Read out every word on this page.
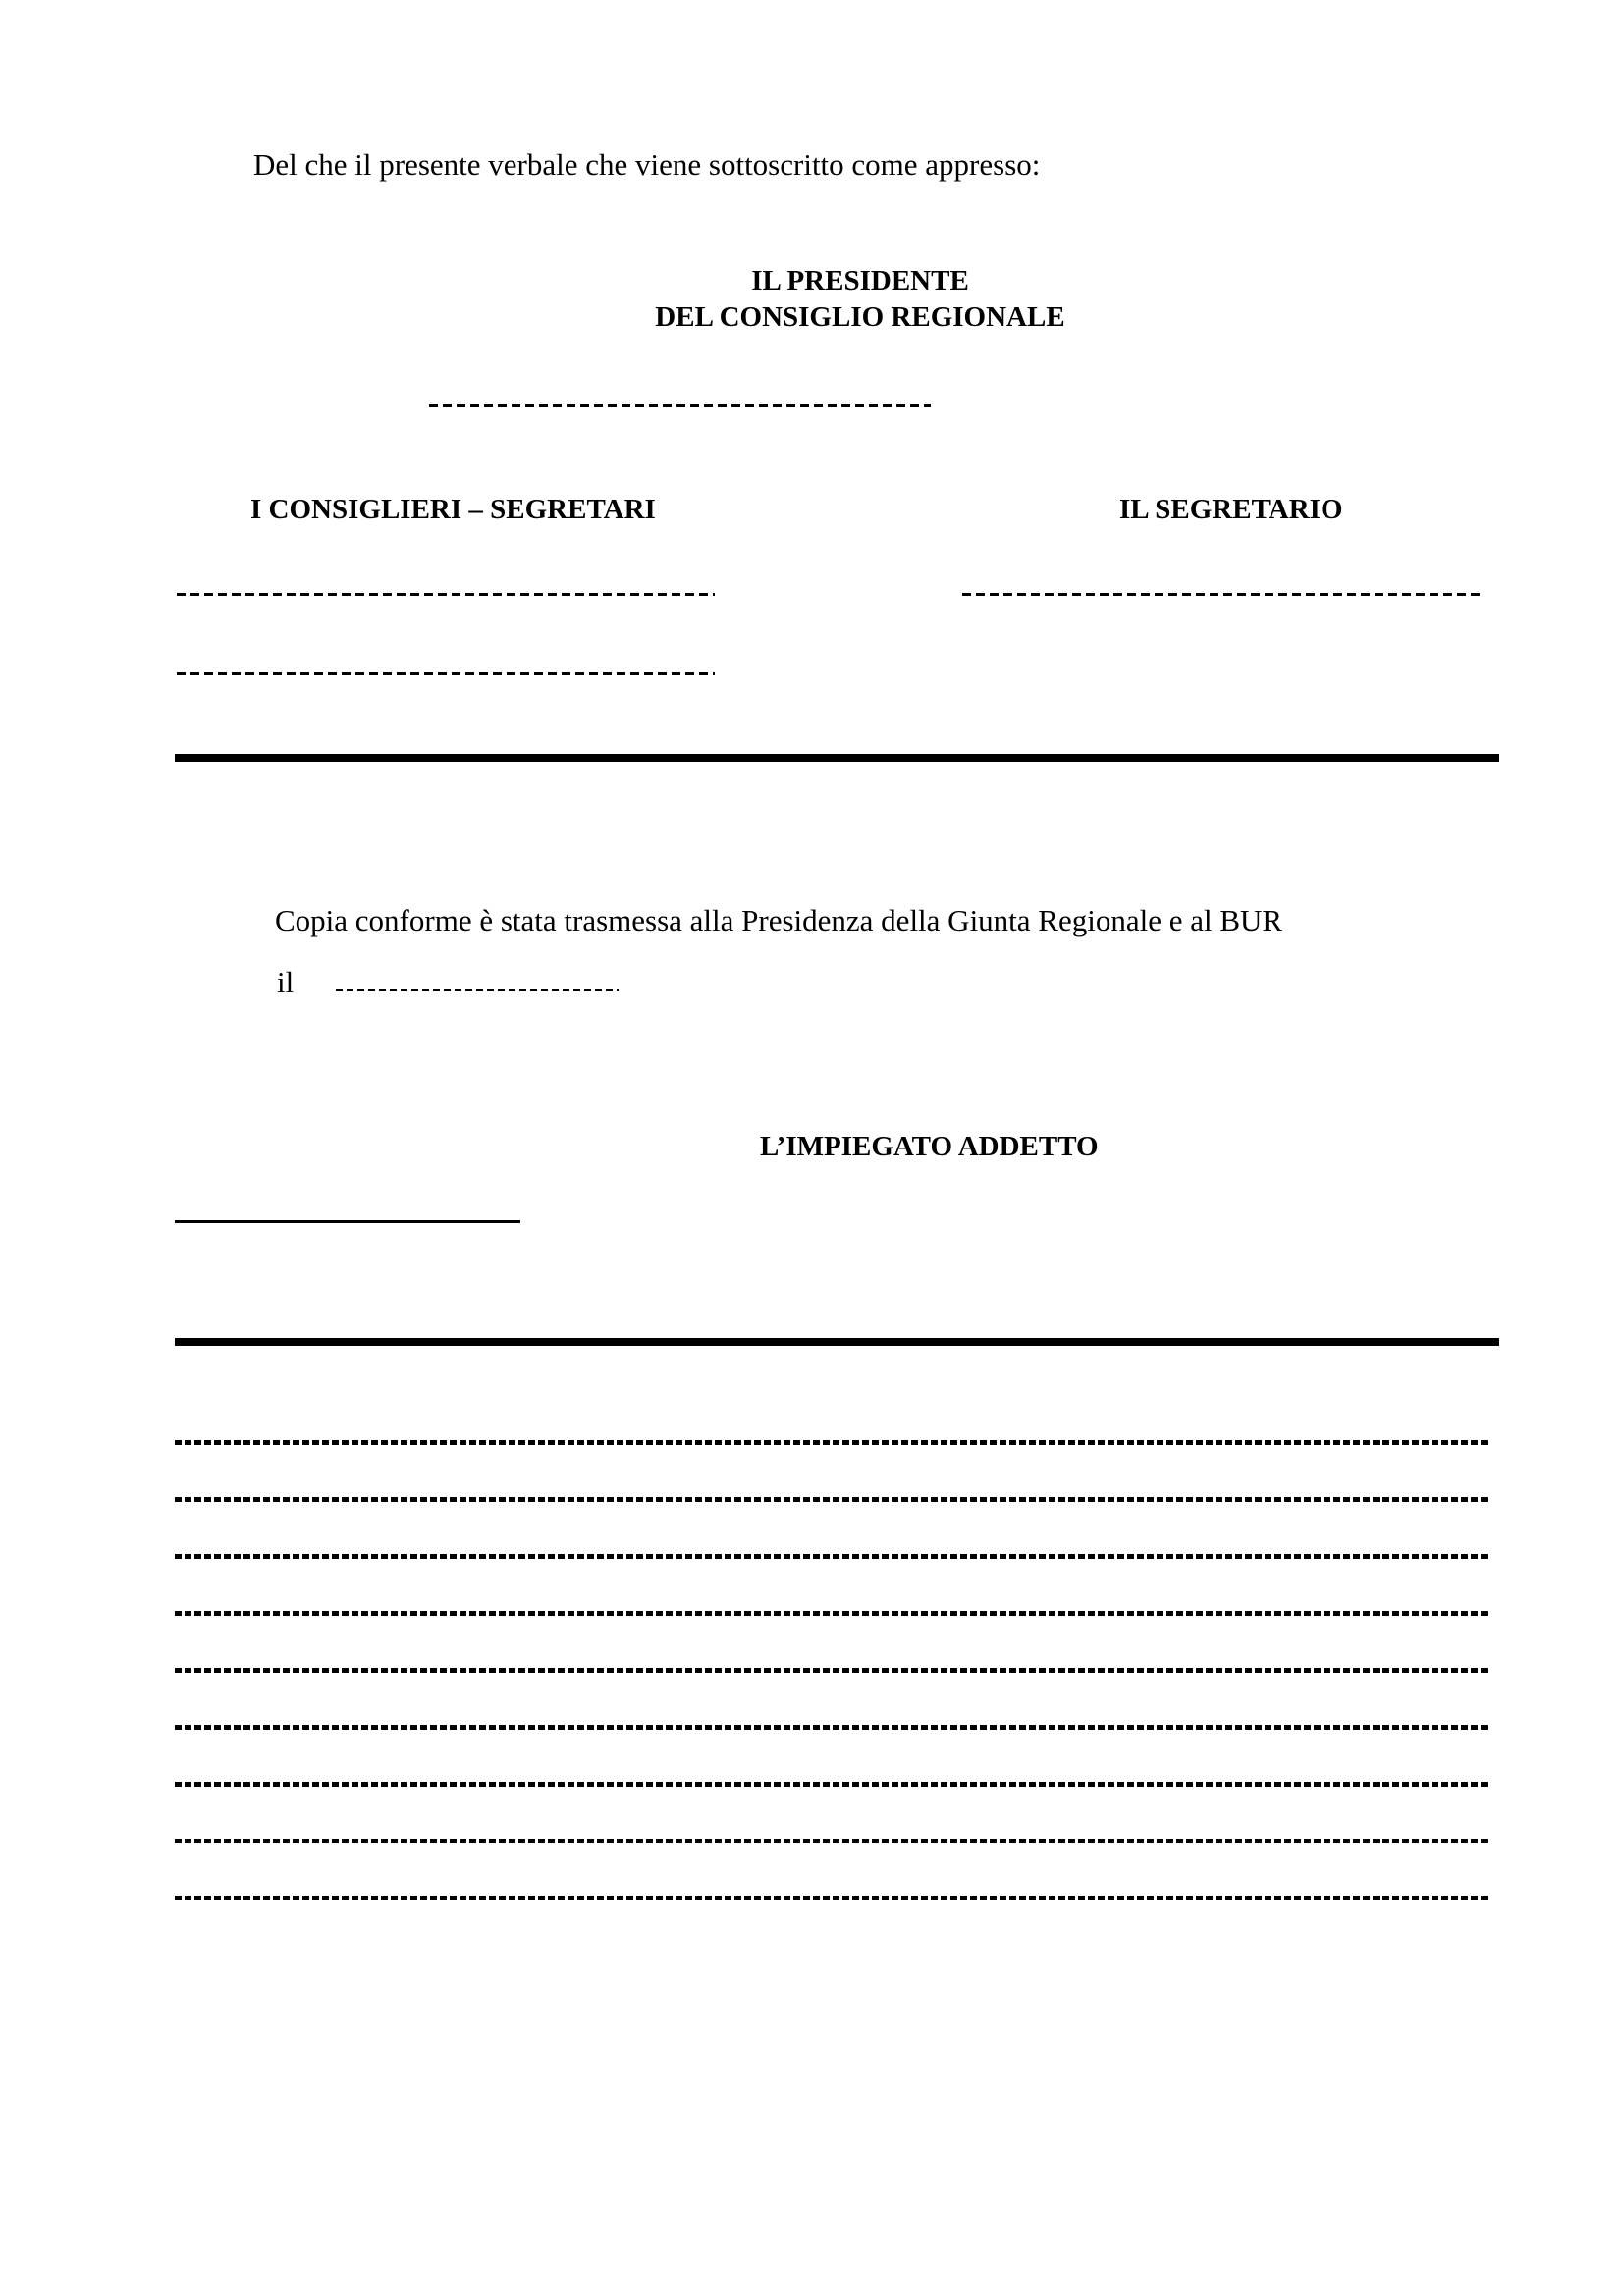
Del che il presente verbale che viene sottoscritto come appresso:
IL PRESIDENTE
DEL CONSIGLIO REGIONALE
I CONSIGLIERI – SEGRETARI	IL SEGRETARIO
Copia conforme è stata trasmessa alla Presidenza della Giunta Regionale e al BUR
il
L’IMPIEGATO ADDETTO
